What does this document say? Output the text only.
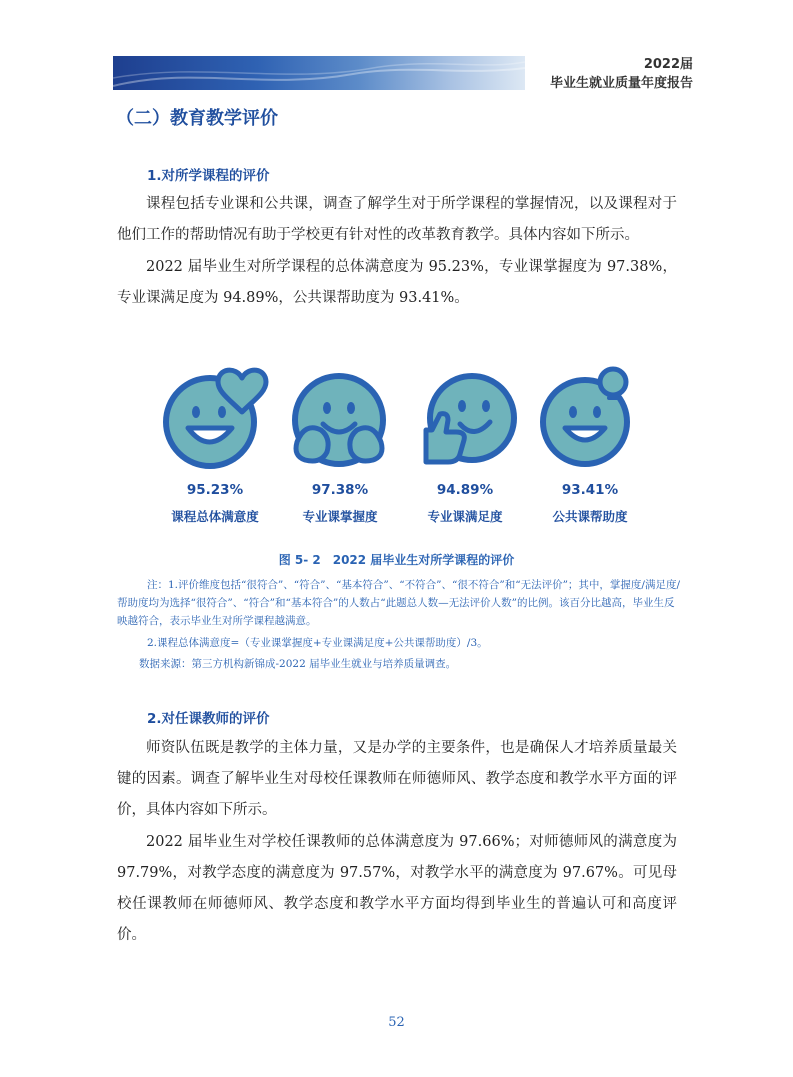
2022届
毕业生就业质量年度报告
（二）教育教学评价
1.对所学课程的评价
课程包括专业课和公共课，调查了解学生对于所学课程的掌握情况，以及课程对于他们工作的帮助情况有助于学校更有针对性的改革教育教学。具体内容如下所示。
2022 届毕业生对所学课程的总体满意度为 95.23%，专业课掌握度为 97.38%，专业课满足度为 94.89%，公共课帮助度为 93.41%。
95.23%
课程总体满意度
97.38%
专业课掌握度
94.89%
专业课满足度
93.41%
公共课帮助度
图 5- 2　2022 届毕业生对所学课程的评价
注：1.评价维度包括“很符合”、“符合”、“基本符合”、“不符合”、“很不符合”和“无法评价”；其中，掌握度/满足度/帮助度均为选择“很符合”、“符合”和“基本符合”的人数占“此题总人数—无法评价人数”的比例。该百分比越高，毕业生反映越符合，表示毕业生对所学课程越满意。
2.课程总体满意度=（专业课掌握度+专业课满足度+公共课帮助度）/3。
数据来源：第三方机构新锦成-2022 届毕业生就业与培养质量调查。
2.对任课教师的评价
师资队伍既是教学的主体力量，又是办学的主要条件，也是确保人才培养质量最关键的因素。调查了解毕业生对母校任课教师在师德师风、教学态度和教学水平方面的评价，具体内容如下所示。
2022 届毕业生对学校任课教师的总体满意度为 97.66%；对师德师风的满意度为 97.79%，对教学态度的满意度为 97.57%，对教学水平的满意度为 97.67%。可见母校任课教师在师德师风、教学态度和教学水平方面均得到毕业生的普遍认可和高度评价。
52
